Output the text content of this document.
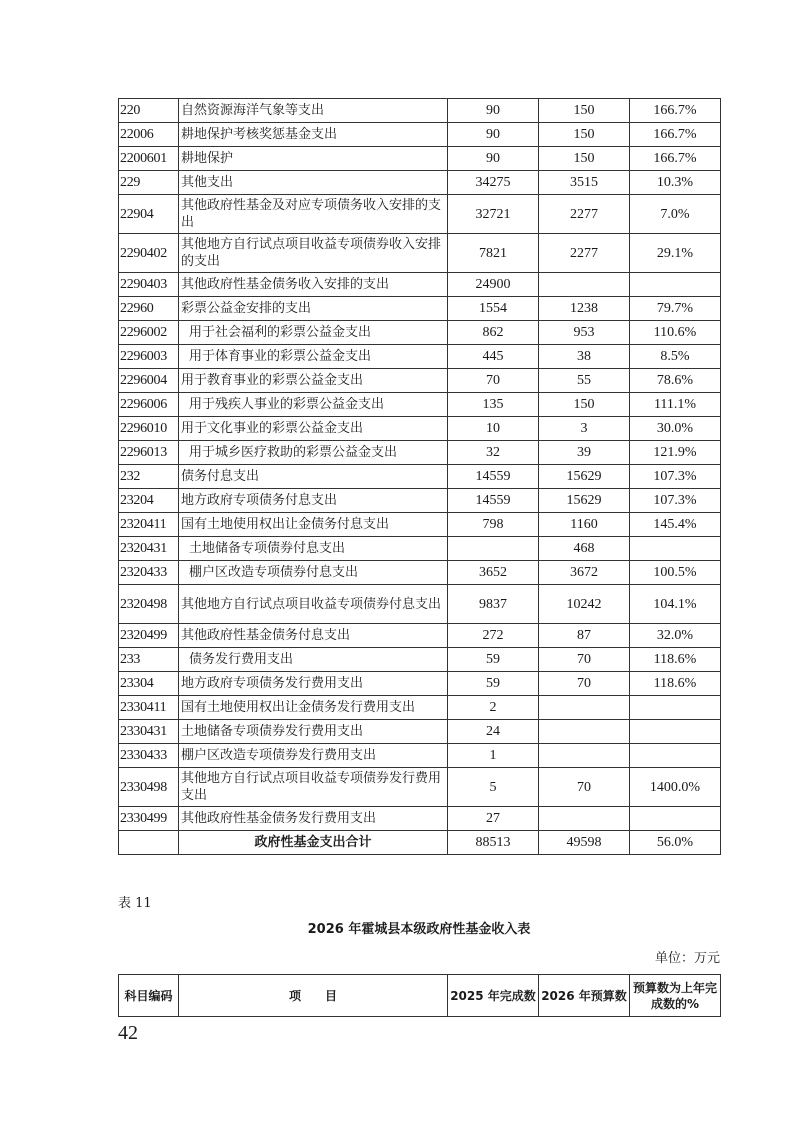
220	自然资源海洋气象等支出	90	150	166.7%
22006	耕地保护考核奖惩基金支出	90	150	166.7%
2200601	耕地保护	90	150	166.7%
229	其他支出	34275	3515	10.3%
22904	其他政府性基金及对应专项债务收入安排的支出	32721	2277	7.0%
2290402	其他地方自行试点项目收益专项债券收入安排的支出	7821	2277	29.1%
2290403	其他政府性基金债务收入安排的支出	24900		
22960	彩票公益金安排的支出	1554	1238	79.7%
2296002	用于社会福利的彩票公益金支出	862	953	110.6%
2296003	用于体育事业的彩票公益金支出	445	38	8.5%
2296004	用于教育事业的彩票公益金支出	70	55	78.6%
2296006	用于残疾人事业的彩票公益金支出	135	150	111.1%
2296010	用于文化事业的彩票公益金支出	10	3	30.0%
2296013	用于城乡医疗救助的彩票公益金支出	32	39	121.9%
232	债务付息支出	14559	15629	107.3%
23204	地方政府专项债务付息支出	14559	15629	107.3%
2320411	国有土地使用权出让金债务付息支出	798	1160	145.4%
2320431	土地储备专项债券付息支出		468	
2320433	棚户区改造专项债券付息支出	3652	3672	100.5%
2320498	其他地方自行试点项目收益专项债券付息支出	9837	10242	104.1%
2320499	其他政府性基金债务付息支出	272	87	32.0%
233	债务发行费用支出	59	70	118.6%
23304	地方政府专项债务发行费用支出	59	70	118.6%
2330411	国有土地使用权出让金债务发行费用支出	2		
2330431	土地储备专项债券发行费用支出	24		
2330433	棚户区改造专项债券发行费用支出	1		
2330498	其他地方自行试点项目收益专项债券发行费用支出	5	70	1400.0%
2330499	其他政府性基金债务发行费用支出	27		
	政府性基金支出合计	88513	49598	56.0%
表 11
2026 年霍城县本级政府性基金收入表
单位：万元
科目编码	项　　目	2025 年完成数	2026 年预算数	预算数为上年完成数的%
42
